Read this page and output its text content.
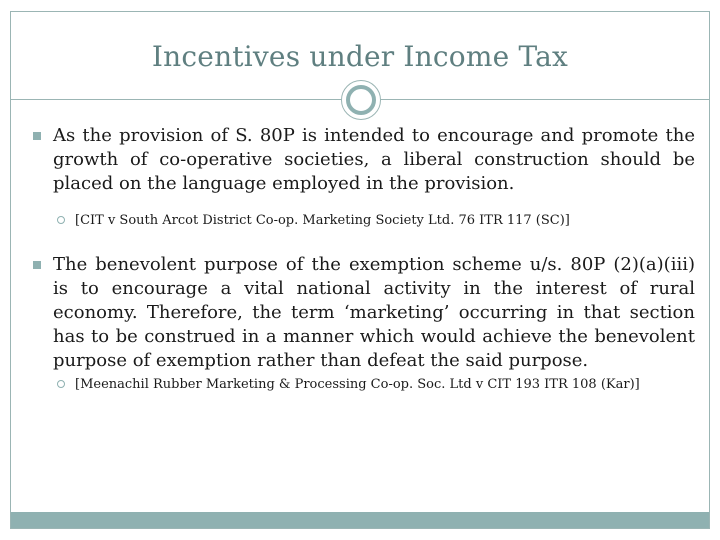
Incentives under Income Tax
As the provision of S. 80P is intended to encourage and promote the growth of co-operative societies, a liberal construction should be placed on the language employed in the provision.
[CIT v South Arcot District Co-op. Marketing Society Ltd. 76 ITR 117 (SC)]
The benevolent purpose of the exemption scheme u/s. 80P (2)(a)(iii) is to encourage a vital national activity in the interest of rural economy. Therefore, the term ‘marketing’ occurring in that section has to be construed in a manner which would achieve the benevolent purpose of exemption rather than defeat the said purpose.
[Meenachil Rubber Marketing & Processing Co-op. Soc. Ltd v CIT 193 ITR 108 (Kar)]
